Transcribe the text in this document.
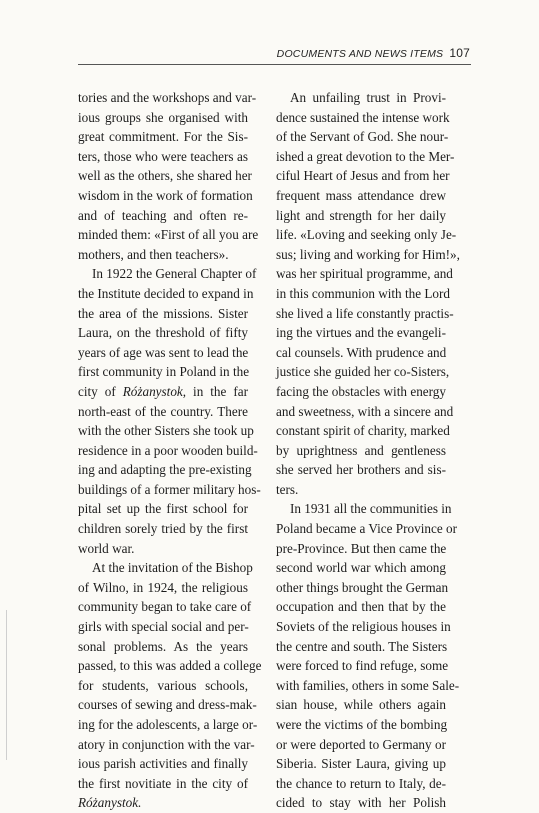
DOCUMENTS AND NEWS ITEMS 107
tories and the workshops and var-
ious groups she organised with
great commitment. For the Sis-
ters, those who were teachers as
well as the others, she shared her
wisdom in the work of formation
and of teaching and often re-
minded them: «First of all you are
mothers, and then teachers».
In 1922 the General Chapter of
the Institute decided to expand in
the area of the missions. Sister
Laura, on the threshold of fifty
years of age was sent to lead the
first community in Poland in the
city of Różanystok, in the far
north-east of the country. There
with the other Sisters she took up
residence in a poor wooden build-
ing and adapting the pre-existing
buildings of a former military hos-
pital set up the first school for
children sorely tried by the first
world war.
At the invitation of the Bishop
of Wilno, in 1924, the religious
community began to take care of
girls with special social and per-
sonal problems. As the years
passed, to this was added a college
for students, various schools,
courses of sewing and dress-mak-
ing for the adolescents, a large or-
atory in conjunction with the var-
ious parish activities and finally
the first novitiate in the city of
Różanystok.
An unfailing trust in Provi-
dence sustained the intense work
of the Servant of God. She nour-
ished a great devotion to the Mer-
ciful Heart of Jesus and from her
frequent mass attendance drew
light and strength for her daily
life. «Loving and seeking only Je-
sus; living and working for Him!»,
was her spiritual programme, and
in this communion with the Lord
she lived a life constantly practis-
ing the virtues and the evangeli-
cal counsels. With prudence and
justice she guided her co-Sisters,
facing the obstacles with energy
and sweetness, with a sincere and
constant spirit of charity, marked
by uprightness and gentleness
she served her brothers and sis-
ters.
In 1931 all the communities in
Poland became a Vice Province or
pre-Province. But then came the
second world war which among
other things brought the German
occupation and then that by the
Soviets of the religious houses in
the centre and south. The Sisters
were forced to find refuge, some
with families, others in some Sale-
sian house, while others again
were the victims of the bombing
or were deported to Germany or
Siberia. Sister Laura, giving up
the chance to return to Italy, de-
cided to stay with her Polish
